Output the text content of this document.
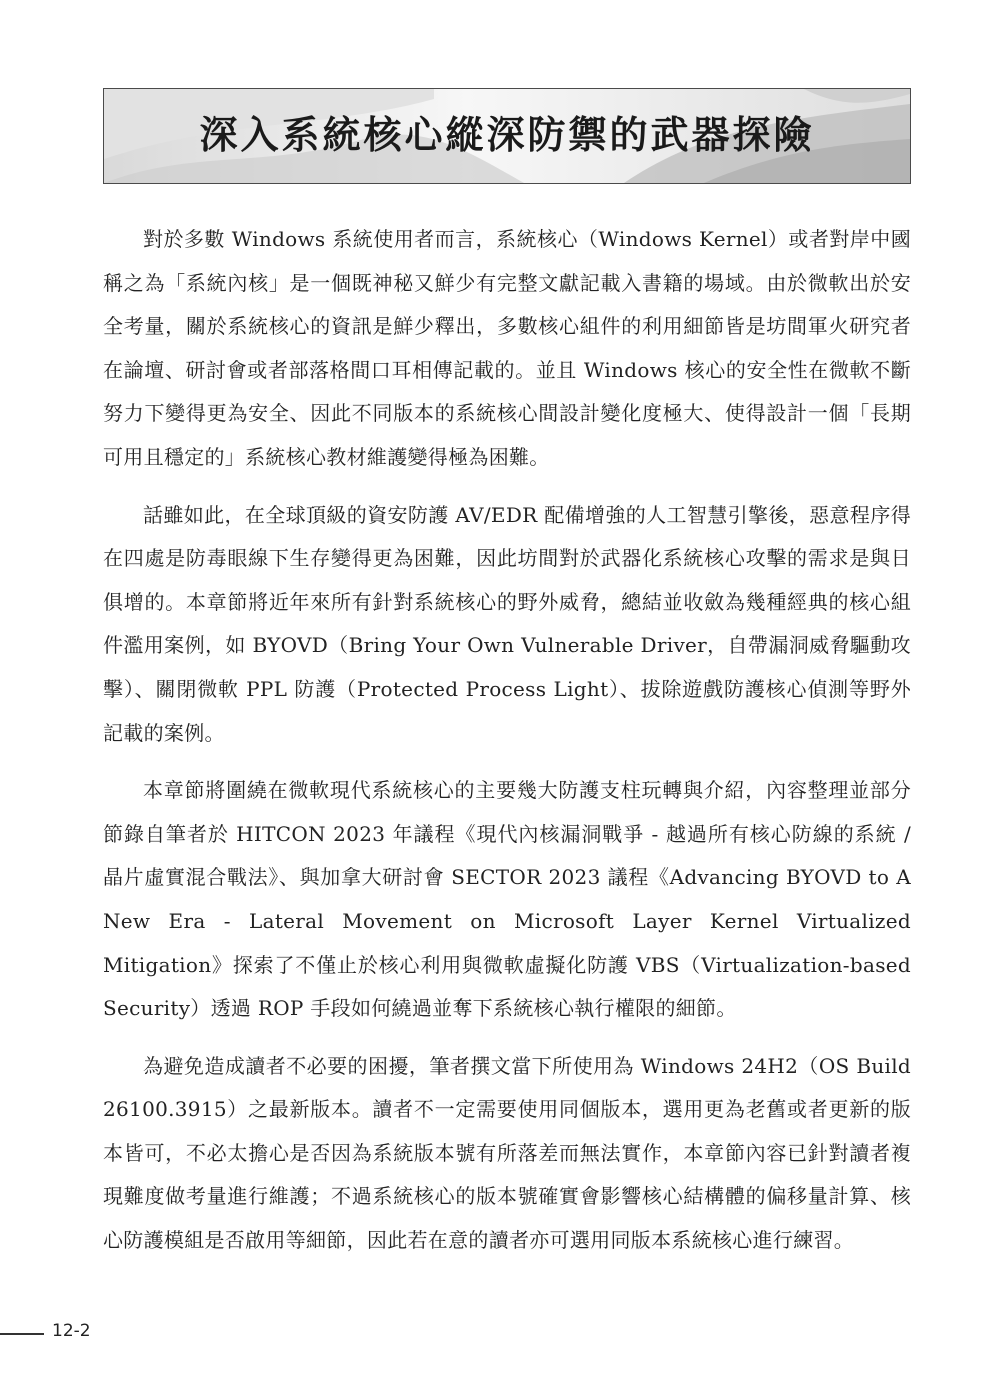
深入系統核心縱深防禦的武器探險

對於多數 Windows 系統使用者而言，系統核心（Windows Kernel）或者對岸中國稱之為「系統內核」是一個既神秘又鮮少有完整文獻記載入書籍的場域。由於微軟出於安全考量，關於系統核心的資訊是鮮少釋出，多數核心組件的利用細節皆是坊間軍火研究者在論壇、研討會或者部落格間口耳相傳記載的。並且 Windows 核心的安全性在微軟不斷努力下變得更為安全、因此不同版本的系統核心間設計變化度極大、使得設計一個「長期可用且穩定的」系統核心教材維護變得極為困難。

話雖如此，在全球頂級的資安防護 AV/EDR 配備增強的人工智慧引擎後，惡意程序得在四處是防毒眼線下生存變得更為困難，因此坊間對於武器化系統核心攻擊的需求是與日俱增的。本章節將近年來所有針對系統核心的野外威脅，總結並收斂為幾種經典的核心組件濫用案例，如 BYOVD（Bring Your Own Vulnerable Driver，自帶漏洞威脅驅動攻擊）、關閉微軟 PPL 防護（Protected Process Light）、拔除遊戲防護核心偵測等野外記載的案例。

本章節將圍繞在微軟現代系統核心的主要幾大防護支柱玩轉與介紹，內容整理並部分節錄自筆者於 HITCON 2023 年議程《現代內核漏洞戰爭 - 越過所有核心防線的系統 / 晶片虛實混合戰法》、與加拿大研討會 SECTOR 2023 議程《Advancing BYOVD to A New Era - Lateral Movement on Microsoft Layer Kernel Virtualized Mitigation》探索了不僅止於核心利用與微軟虛擬化防護 VBS（Virtualization-based Security）透過 ROP 手段如何繞過並奪下系統核心執行權限的細節。

為避免造成讀者不必要的困擾，筆者撰文當下所使用為 Windows 24H2（OS Build 26100.3915）之最新版本。讀者不一定需要使用同個版本，選用更為老舊或者更新的版本皆可，不必太擔心是否因為系統版本號有所落差而無法實作，本章節內容已針對讀者複現難度做考量進行維護；不過系統核心的版本號確實會影響核心結構體的偏移量計算、核心防護模組是否啟用等細節，因此若在意的讀者亦可選用同版本系統核心進行練習。

12-2
